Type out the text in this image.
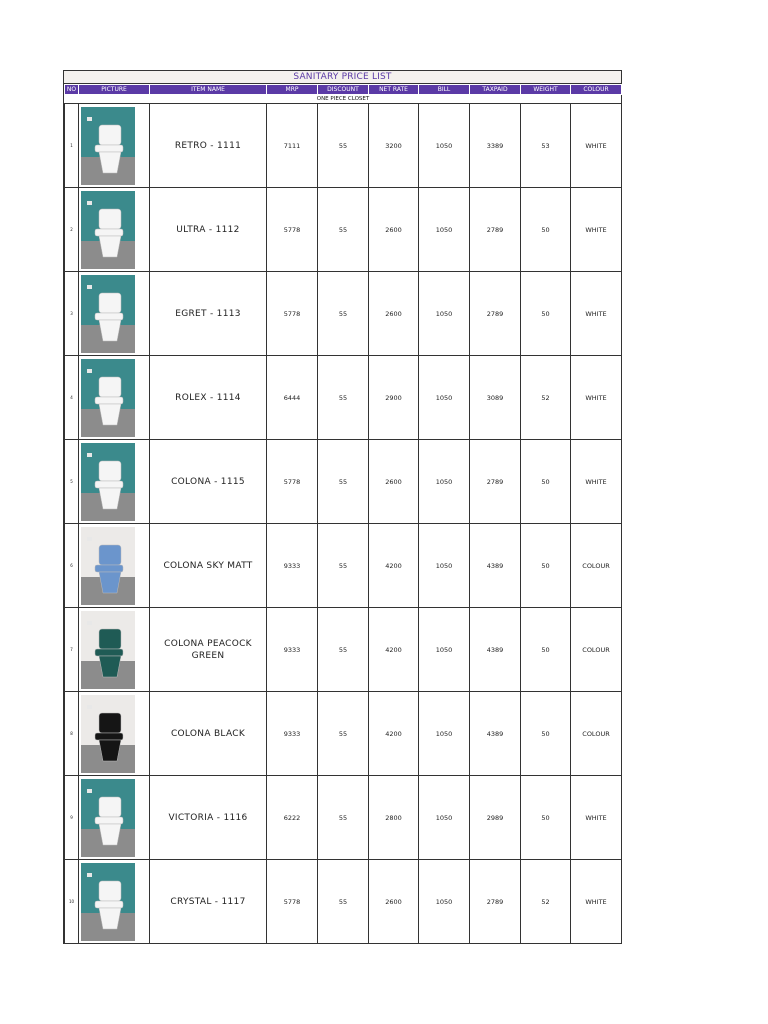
SANITARY PRICE LIST
NO	PICTURE	ITEM NAME	MRP	DISCOUNT	NET RATE	BILL	TAXPAID	WEIGHT	COLOUR
ONE PIECE CLOSET									
1		RETRO - 1111	7111	55	3200	1050	3389	53	WHITE
2		ULTRA - 1112	5778	55	2600	1050	2789	50	WHITE
3		EGRET - 1113	5778	55	2600	1050	2789	50	WHITE
4		ROLEX - 1114	6444	55	2900	1050	3089	52	WHITE
5		COLONA - 1115	5778	55	2600	1050	2789	50	WHITE
6		COLONA SKY MATT	9333	55	4200	1050	4389	50	COLOUR
7		COLONA PEACOCK GREEN	9333	55	4200	1050	4389	50	COLOUR
8		COLONA BLACK	9333	55	4200	1050	4389	50	COLOUR
9		VICTORIA - 1116	6222	55	2800	1050	2989	50	WHITE
10		CRYSTAL - 1117	5778	55	2600	1050	2789	52	WHITE
